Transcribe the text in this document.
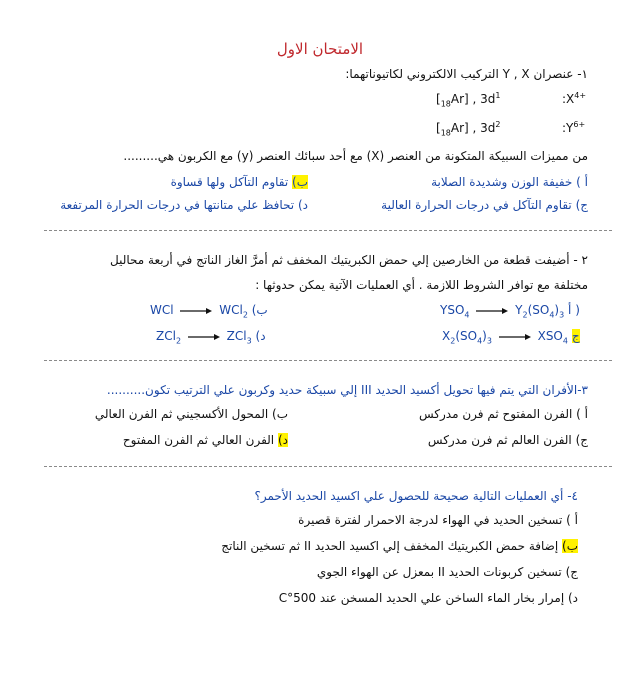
الامتحان الاول
١- عنصران Y , X التركيب الالكتروني لكاتيوناتهما:
$:X^{4+}$
$[_{18}Ar]$ , $3d^1$
$:Y^{6+}$
$[_{18}Ar]$ , $3d^2$
من مميزات السبيكة المتكونة من العنصر (X) مع أحد سبائك العنصر (y) مع الكربون هي.........
أ ) خفيفة الوزن وشديدة الصلابة
ب) تقاوم التآكل ولها قساوة
ج) تقاوم التآكل في درجات الحرارة العالية
د) تحافظ علي متانتها في درجات الحرارة المرتفعة
٢ - أضيفت قطعة من الخارصين إلي حمض الكبريتيك المخفف ثم أمرَّ الغاز الناتج في أربعة محاليل
مختلفة مع توافر الشروط اللازمة . أي العمليات الآتية يمكن حدوثها :
$YSO_4$	$Y_2(SO_4)_3$ أ )
WCl	WCl$_2$ (ب
$X_2(SO_4)_3$	$XSO_4$ ج
ZCl$_2$	ZCl$_3$ (د
٣-الأفران التي يتم فيها تحويل أكسيد الحديد III إلي سبيكة حديد وكربون علي الترتيب تكون..........
أ ) الفرن المفتوح ثم فرن مدركس
ب) المحول الأكسجيني ثم الفرن العالي
ج) الفرن العالم ثم فرن مدركس
د) الفرن العالي ثم الفرن المفتوح
٤- أي العمليات التالية صحيحة للحصول علي اكسيد الحديد الأحمر؟
أ ) تسخين الحديد في الهواء لدرجة الاحمرار لفترة قصيرة
ب) إضافة حمض الكبريتيك المخفف إلي اكسيد الحديد II ثم تسخين الناتج
ج) تسخين كربونات الحديد II بمعزل عن الهواء الجوي
د) إمرار بخار الماء الساخن علي الحديد المسخن عند 500°C
